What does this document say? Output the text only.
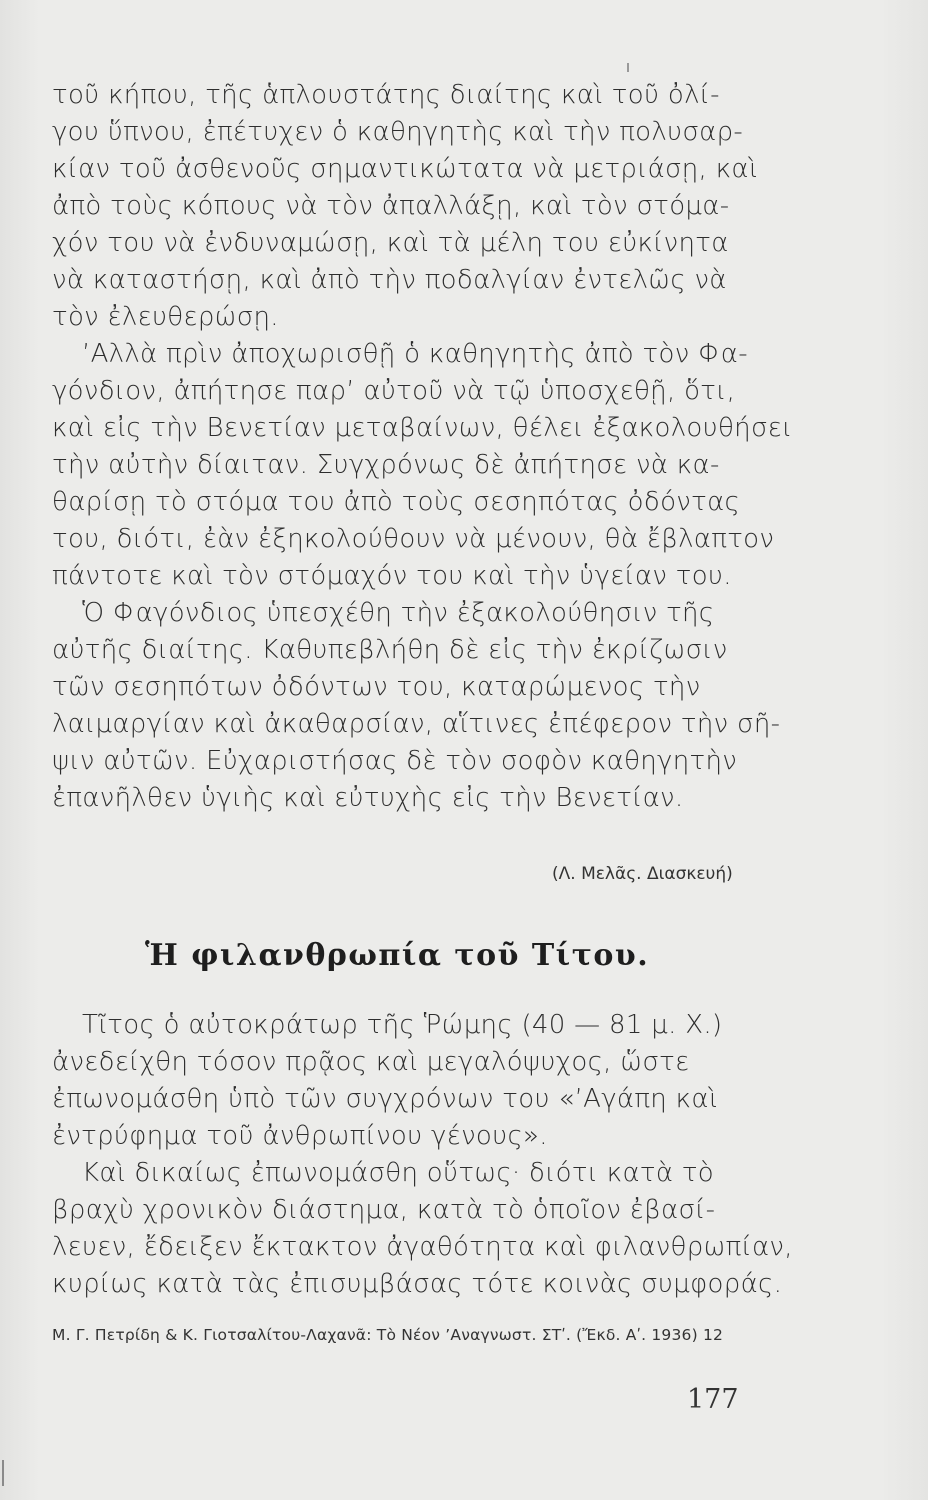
τοῦ κήπου, τῆς ἁπλουστάτης διαίτης καὶ τοῦ ὀλί-
γου ὕπνου, ἐπέτυχεν ὁ καθηγητὴς καὶ τὴν πολυσαρ-
κίαν τοῦ ἀσθενοῦς σημαντικώτατα νὰ μετριάσῃ, καὶ
ἀπὸ τοὺς κόπους νὰ τὸν ἀπαλλάξῃ, καὶ τὸν στόμα-
χόν του νὰ ἐνδυναμώσῃ, καὶ τὰ μέλη του εὐκίνητα
νὰ καταστήσῃ, καὶ ἀπὸ τὴν ποδαλγίαν ἐντελῶς νὰ
τὸν ἐλευθερώσῃ.
ʼΑλλὰ πρὶν ἀποχωρισθῇ ὁ καθηγητὴς ἀπὸ τὸν Φα-
γόνδιον, ἀπήτησε παρʼ αὐτοῦ νὰ τῷ ὑποσχεθῇ, ὅτι,
καὶ εἰς τὴν Βενετίαν μεταβαίνων, θέλει ἐξακολουθήσει
τὴν αὐτὴν δίαιταν. Συγχρόνως δὲ ἀπήτησε νὰ κα-
θαρίσῃ τὸ στόμα του ἀπὸ τοὺς σεσηπότας ὀδόντας
του, διότι, ἐὰν ἐξηκολούθουν νὰ μένουν, θὰ ἔβλαπτον
πάντοτε καὶ τὸν στόμαχόν του καὶ τὴν ὑγείαν του.
Ὁ Φαγόνδιος ὑπεσχέθη τὴν ἐξακολούθησιν τῆς
αὐτῆς διαίτης. Καθυπεβλήθη δὲ εἰς τὴν ἐκρίζωσιν
τῶν σεσηπότων ὀδόντων του, καταρώμενος τὴν
λαιμαργίαν καὶ ἀκαθαρσίαν, αἵτινες ἐπέφερον τὴν σῆ-
ψιν αὐτῶν. Εὐχαριστήσας δὲ τὸν σοφὸν καθηγητὴν
ἐπανῆλθεν ὑγιὴς καὶ εὐτυχὴς εἰς τὴν Βενετίαν.
(Λ. Μελᾶς. Διασκευή)
Ἡ φιλανθρωπία τοῦ Τίτου.
Τῖτος ὁ αὐτοκράτωρ τῆς Ῥώμης (40 — 81 μ. Χ.)
ἀνεδείχθη τόσον πρᾷος καὶ μεγαλόψυχος, ὥστε
ἐπωνομάσθη ὑπὸ τῶν συγχρόνων του «ʼΑγάπη καὶ
ἐντρύφημα τοῦ ἀνθρωπίνου γένους».
Καὶ δικαίως ἐπωνομάσθη οὕτως· διότι κατὰ τὸ
βραχὺ χρονικὸν διάστημα, κατὰ τὸ ὁποῖον ἐβασί-
λευεν, ἔδειξεν ἔκτακτον ἀγαθότητα καὶ φιλανθρωπίαν,
κυρίως κατὰ τὰς ἐπισυμβάσας τότε κοινὰς συμφοράς.
Μ. Γ. Πετρίδη & Κ. Γιοτσαλίτου-Λαχανᾶ: Τὸ Νέον ʼΑναγνωστ. ΣΤʹ. (Ἔκδ. Αʹ. 1936) 12
177
